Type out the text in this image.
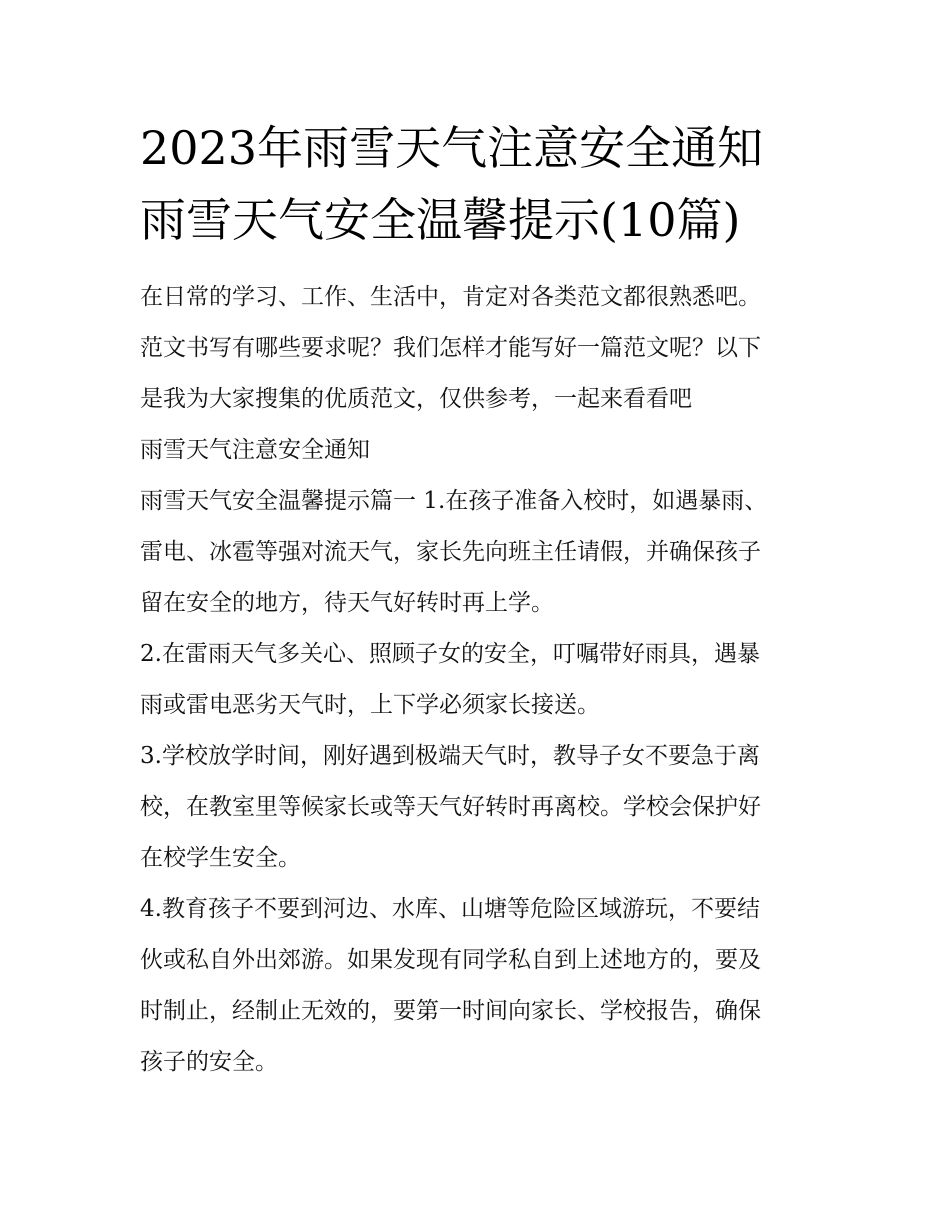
2023年雨雪天气注意安全通知
雨雪天气安全温馨提示(10篇)

在日常的学习、工作、生活中，肯定对各类范文都很熟悉吧。
范文书写有哪些要求呢？我们怎样才能写好一篇范文呢？以下
是我为大家搜集的优质范文，仅供参考，一起来看看吧

雨雪天气注意安全通知

雨雪天气安全温馨提示篇一 1.在孩子准备入校时，如遇暴雨、
雷电、冰雹等强对流天气，家长先向班主任请假，并确保孩子
留在安全的地方，待天气好转时再上学。

2.在雷雨天气多关心、照顾子女的安全，叮嘱带好雨具，遇暴
雨或雷电恶劣天气时，上下学必须家长接送。

3.学校放学时间，刚好遇到极端天气时，教导子女不要急于离
校，在教室里等候家长或等天气好转时再离校。学校会保护好
在校学生安全。

4.教育孩子不要到河边、水库、山塘等危险区域游玩，不要结
伙或私自外出郊游。如果发现有同学私自到上述地方的，要及
时制止，经制止无效的，要第一时间向家长、学校报告，确保
孩子的安全。
